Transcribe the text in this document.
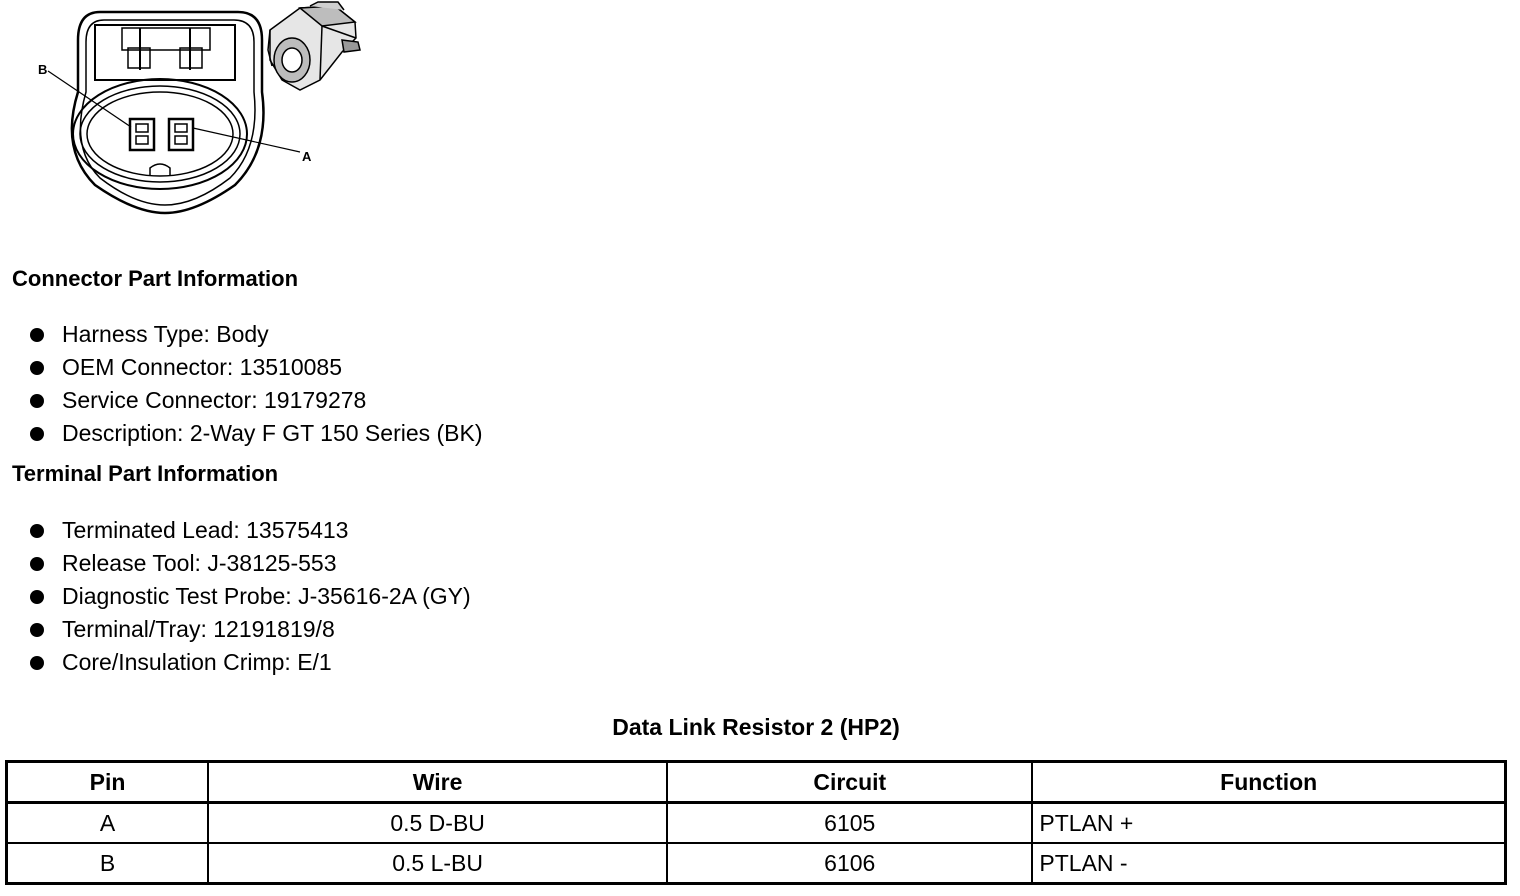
B
A
Connector Part Information
Harness Type: Body
OEM Connector: 13510085
Service Connector: 19179278
Description: 2-Way F GT 150 Series (BK)
Terminal Part Information
Terminated Lead: 13575413
Release Tool: J-38125-553
Diagnostic Test Probe: J-35616-2A (GY)
Terminal/Tray: 12191819/8
Core/Insulation Crimp: E/1
Data Link Resistor 2 (HP2)
Pin	Wire	Circuit	Function
A	0.5 D-BU	6105	PTLAN +
B	0.5 L-BU	6106	PTLAN -
